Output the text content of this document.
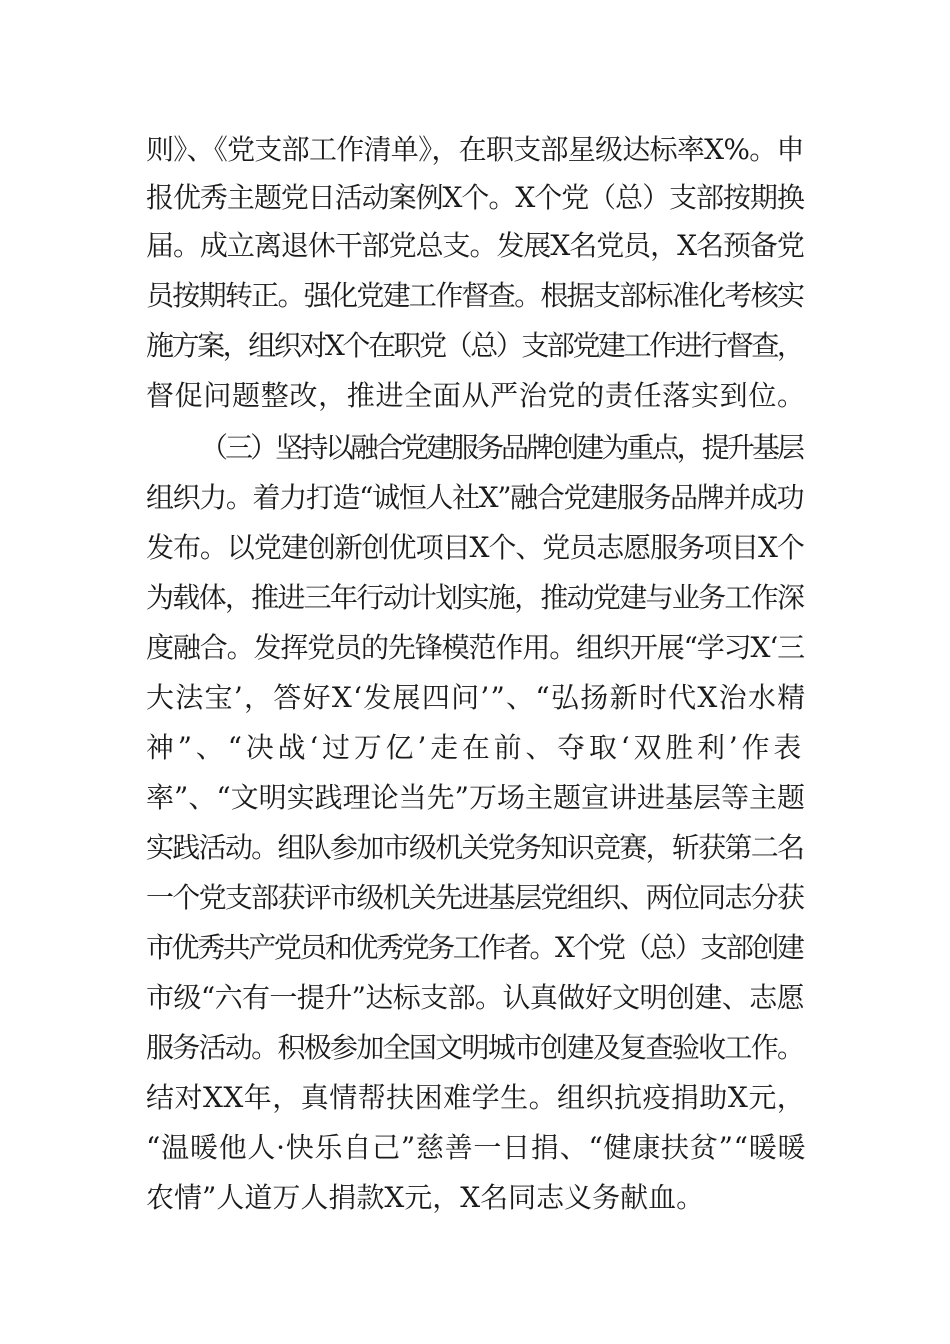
则》、《党支部工作清单》，在职支部星级达标率X%。申
报优秀主题党日活动案例X个。X个党（总）支部按期换
届。成立离退休干部党总支。发展X名党员，X名预备党
员按期转正。强化党建工作督查。根据支部标准化考核实
施方案，组织对X个在职党（总）支部党建工作进行督查，
督促问题整改，推进全面从严治党的责任落实到位。
（三）坚持以融合党建服务品牌创建为重点，提升基层
组织力。着力打造“诚恒人社X”融合党建服务品牌并成功
发布。以党建创新创优项目X个、党员志愿服务项目X个
为载体，推进三年行动计划实施，推动党建与业务工作深
度融合。发挥党员的先锋模范作用。组织开展“学习X‘三
大法宝’，答好X‘发展四问’”、“弘扬新时代X治水精
神”、“决战‘过万亿’走在前、夺取‘双胜利’作表
率”、“文明实践理论当先”万场主题宣讲进基层等主题
实践活动。组队参加市级机关党务知识竞赛，斩获第二名
一个党支部获评市级机关先进基层党组织、两位同志分获
市优秀共产党员和优秀党务工作者。X个党（总）支部创建
市级“六有一提升”达标支部。认真做好文明创建、志愿
服务活动。积极参加全国文明城市创建及复查验收工作。
结对XX年，真情帮扶困难学生。组织抗疫捐助X元，
“温暖他人·快乐自己”慈善一日捐、“健康扶贫”“暖暖
农情”人道万人捐款X元，X名同志义务献血。
